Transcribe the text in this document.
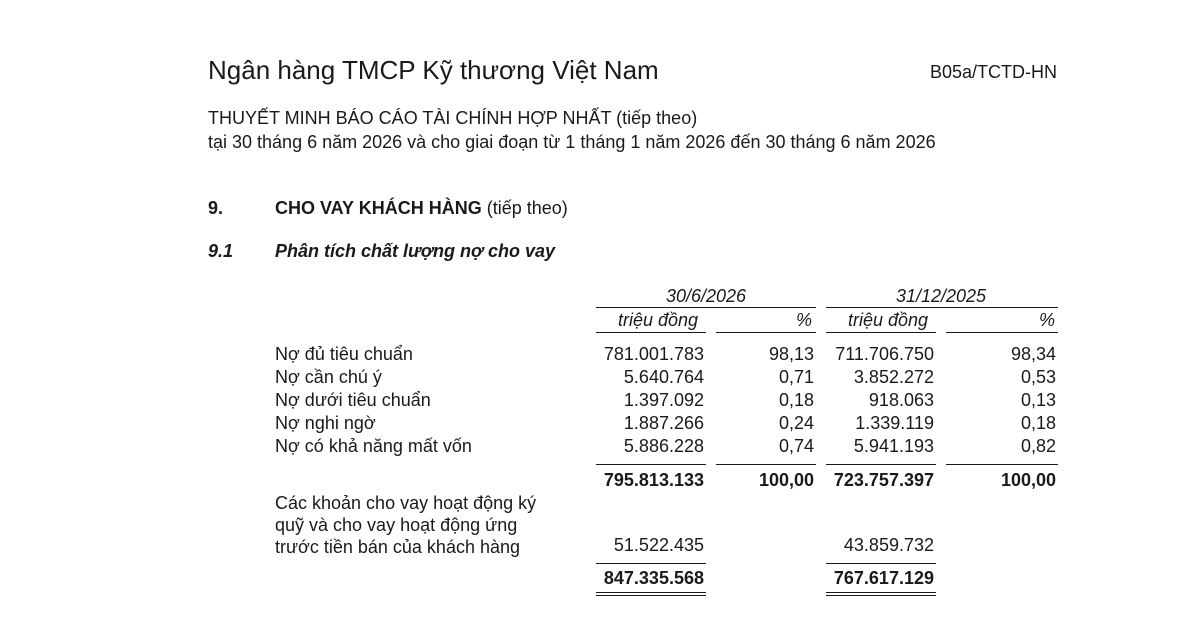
Ngân hàng TMCP Kỹ thương Việt Nam	B05a/TCTD-HN
THUYẾT MINH BÁO CÁO TÀI CHÍNH HỢP NHẤT (tiếp theo)
tại 30 tháng 6 năm 2026 và cho giai đoạn từ 1 tháng 1 năm 2026 đến 30 tháng 6 năm 2026
9.	CHO VAY KHÁCH HÀNG (tiếp theo)
9.1 Phân tích chất lượng nợ cho vay
30/6/2026	31/12/2025
triệu đồng	% triệu đồng	%
Nợ đủ tiêu chuẩn	781.001.783	98,13 711.706.750	98,34
Nợ cần chú ý	5.640.764	0,71 3.852.272	0,53
Nợ dưới tiêu chuẩn	1.397.092	0,18	918.063	0,13
Nợ nghi ngờ	1.887.266	0,24 1.339.119	0,18
Nợ có khả năng mất vốn	5.886.228	0,74 5.941.193	0,82
795.813.133	100,00 723.757.397	100,00
Các khoản cho vay hoạt động ký
quỹ và cho vay hoạt động ứng
trước tiền bán của khách hàng	51.522.435	43.859.732
847.335.568	767.617.129
